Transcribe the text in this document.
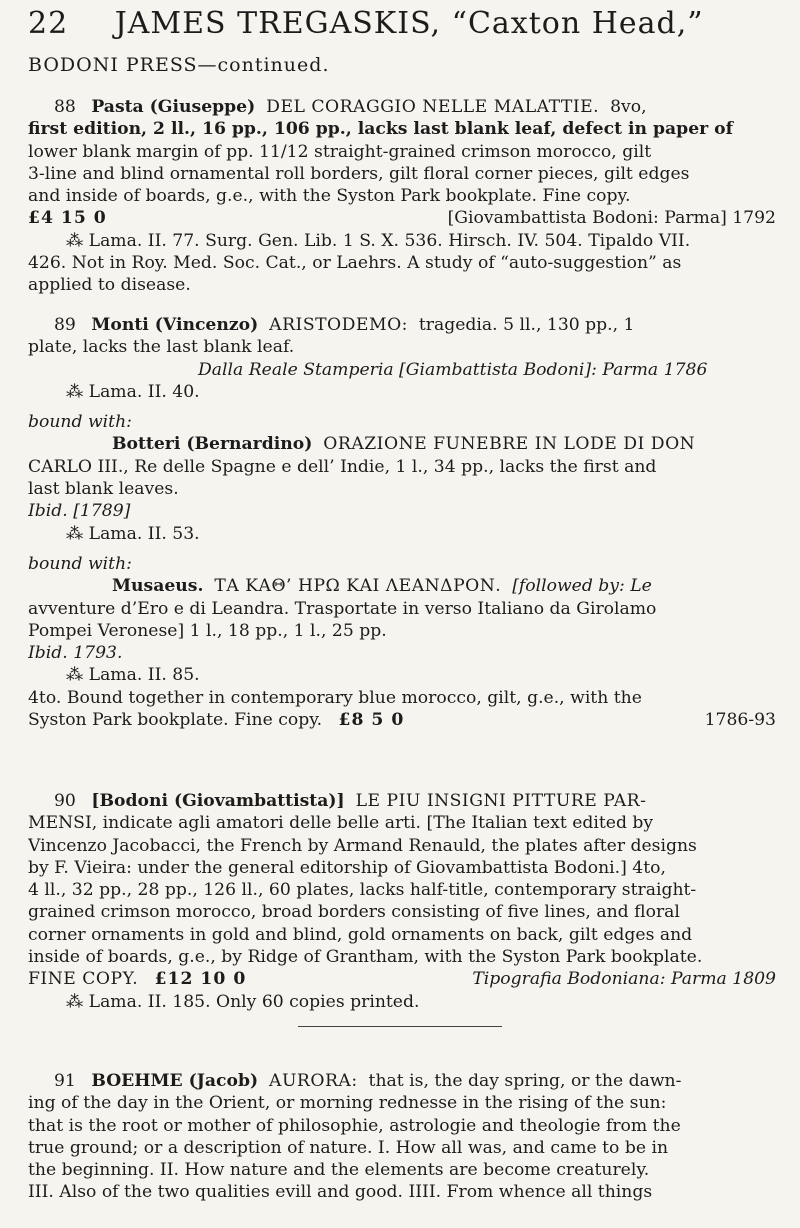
22 JAMES TREGASKIS, “Caxton Head,”
BODONI PRESS—continued.
88 Pasta (Giuseppe) DEL CORAGGIO NELLE MALATTIE. 8vo,
first edition, 2 ll., 16 pp., 106 pp., lacks last blank leaf, defect in paper of
lower blank margin of pp. 11/12 straight-grained crimson morocco, gilt
3-line and blind ornamental roll borders, gilt floral corner pieces, gilt edges
and inside of boards, g.e., with the Syston Park bookplate. Fine copy.
£4 15 0	[Giovambattista Bodoni: Parma] 1792
⁂ Lama. II. 77. Surg. Gen. Lib. 1 S. X. 536. Hirsch. IV. 504. Tipaldo VII.
426. Not in Roy. Med. Soc. Cat., or Laehrs. A study of “auto-suggestion” as
applied to disease.
89 Monti (Vincenzo) ARISTODEMO: tragedia. 5 ll., 130 pp., 1
plate, lacks the last blank leaf.
Dalla Reale Stamperia [Giambattista Bodoni]: Parma 1786
⁂ Lama. II. 40.
bound with:
Botteri (Bernardino) ORAZIONE FUNEBRE IN LODE DI DON
CARLO III., Re delle Spagne e dell’ Indie, 1 l., 34 pp., lacks the first and
last blank leaves.
Ibid. [1789]
⁂ Lama. II. 53.
bound with:
Musaeus. ΤΑ ΚΑΘ’ ΗΡΩ ΚΑΙ ΛΕΑΝΔΡΟΝ. [followed by: Le
avventure d’Ero e di Leandra. Trasportate in verso Italiano da Girolamo
Pompei Veronese] 1 l., 18 pp., 1 l., 25 pp.
Ibid. 1793.
⁂ Lama. II. 85.
4to. Bound together in contemporary blue morocco, gilt, g.e., with the
Syston Park bookplate. Fine copy. £8 5 0	1786-93
90 [Bodoni (Giovambattista)] LE PIU INSIGNI PITTURE PAR-
MENSI, indicate agli amatori delle belle arti. [The Italian text edited by
Vincenzo Jacobacci, the French by Armand Renauld, the plates after designs
by F. Vieira: under the general editorship of Giovambattista Bodoni.] 4to,
4 ll., 32 pp., 28 pp., 126 ll., 60 plates, lacks half-title, contemporary straight-
grained crimson morocco, broad borders consisting of five lines, and floral
corner ornaments in gold and blind, gold ornaments on back, gilt edges and
inside of boards, g.e., by Ridge of Grantham, with the Syston Park bookplate.
FINE COPY. £12 10 0	Tipografia Bodoniana: Parma 1809
⁂ Lama. II. 185. Only 60 copies printed.
91 BOEHME (Jacob) AURORA: that is, the day spring, or the dawn-
ing of the day in the Orient, or morning rednesse in the rising of the sun:
that is the root or mother of philosophie, astrologie and theologie from the
true ground; or a description of nature. I. How all was, and came to be in
the beginning. II. How nature and the elements are become creaturely.
III. Also of the two qualities evill and good. IIII. From whence all things
